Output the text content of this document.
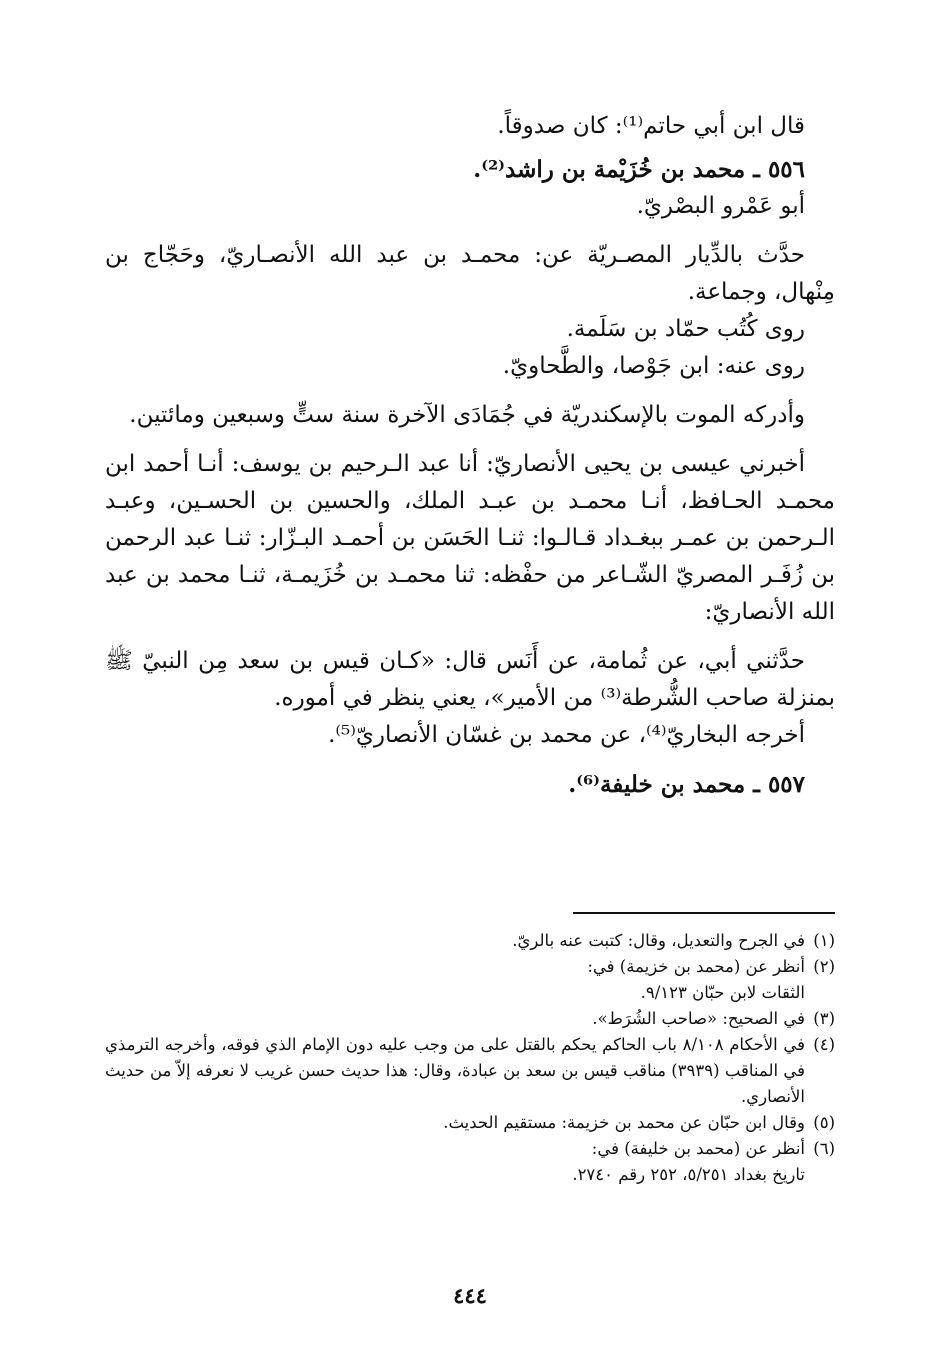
قال ابن أبي حاتم⁽¹⁾: كان صدوقاً.

٥٥٦ ـ محمد بن خُزَيْمة بن راشد⁽²⁾.

أبو عَمْرو البصْريّ.

حدَّث بالدِّيار المصـريّة عن: محمـد بن عبد الله الأنصـاريّ، وحَجّاج بن مِنْهال، وجماعة.

روى كُتُب حمّاد بن سَلَمة.

روى عنه: ابن جَوْصا، والطَّحاويّ.

وأدركه الموت بالإسكندريّة في جُمَادَى الآخرة سنة ستٍّ وسبعين ومائتين.

أخبرني عيسى بن يحيى الأنصاريّ: أنا عبد الـرحيم بن يوسف: أنـا أحمد ابن محمـد الحـافظ، أنـا محمـد بن عبـد الملك، والحسين بن الحسـين، وعبـد الـرحمن بن عمـر ببغـداد قـالـوا: ثنـا الحَسَن بن أحمـد البـزّار: ثنـا عبد الرحمن بن زُفَـر المصريّ الشّـاعر من حفْظه: ثنا محمـد بن خُزَيمـة، ثنـا محمد بن عبد الله الأنصاريّ:

حدَّثني أبي، عن ثُمامة، عن أَنَس قال: «كـان قيس بن سعد مِن النبيّ ﷺ بمنزلة صاحب الشُّرطة⁽³⁾ من الأمير»، يعني ينظر في أموره.

أخرجه البخاريّ⁽⁴⁾، عن محمد بن غسّان الأنصاريّ⁽⁵⁾.

٥٥٧ ـ محمد بن خليفة⁽⁶⁾.

(١)
في الجرح والتعديل، وقال: كتبت عنه بالريّ.
(٢)
أنظر عن (محمد بن خزيمة) في:
الثقات لابن حبّان ٩/١٢٣.
(٣)
في الصحيح: «صاحب الشُرَط».
(٤)
في الأحكام ٨/١٠٨ باب الحاكم يحكم بالقتل على من وجب عليه دون الإمام الذي فوقه، وأخرجه الترمذي في المناقب (٣٩٣٩) مناقب قيس بن سعد بن عبادة، وقال: هذا حديث حسن غريب لا نعرفه إلاّ من حديث الأنصاري.
(٥)
وقال ابن حبّان عن محمد بن خزيمة: مستقيم الحديث.
(٦)
أنظر عن (محمد بن خليفة) في:
تاريخ بغداد ٥/٢٥١، ٢٥٢ رقم ٢٧٤٠.
٤٤٤
